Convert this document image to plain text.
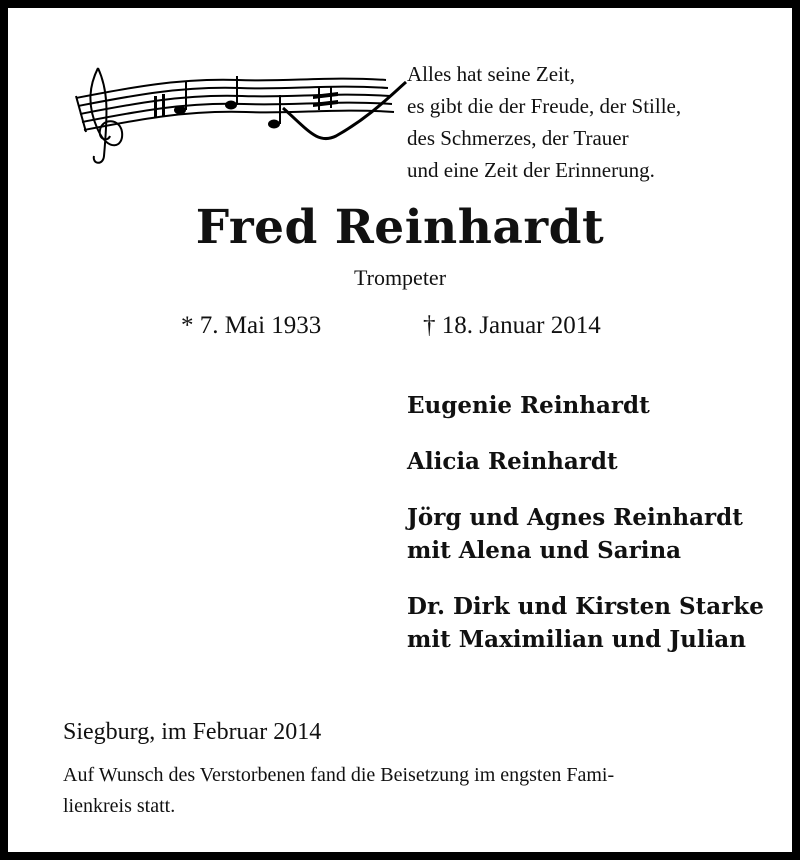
Alles hat seine Zeit,
es gibt die der Freude, der Stille,
des Schmerzes, der Trauer
und eine Zeit der Erinnerung.
Fred Reinhardt
Trompeter
* 7. Mai 1933	† 18. Januar 2014
Eugenie Reinhardt
Alicia Reinhardt
Jörg und Agnes Reinhardt
mit Alena und Sarina
Dr. Dirk und Kirsten Starke
mit Maximilian und Julian
Siegburg, im Februar 2014
Auf Wunsch des Verstorbenen fand die Beisetzung im engsten Fami-
lienkreis statt.
